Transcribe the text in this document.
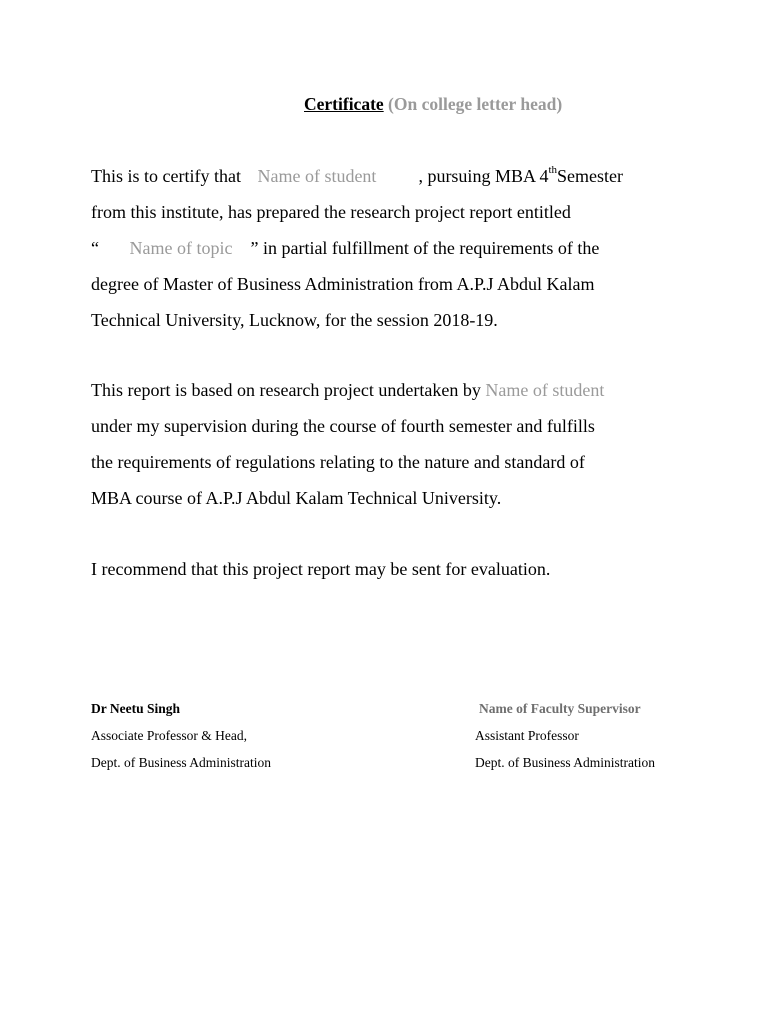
Certificate (On college letter head)
This is to certify that Name of student , pursuing MBA 4thSemester
from this institute, has prepared the research project report entitled
“ Name of topic ” in partial fulfillment of the requirements of the
degree of Master of Business Administration from A.P.J Abdul Kalam
Technical University, Lucknow, for the session 2018-19.
This report is based on research project undertaken by Name of student
under my supervision during the course of fourth semester and fulfills
the requirements of regulations relating to the nature and standard of
MBA course of A.P.J Abdul Kalam Technical University.
I recommend that this project report may be sent for evaluation.
Dr Neetu Singh
Associate Professor & Head,
Dept. of Business Administration
Name of Faculty Supervisor
Assistant Professor
Dept. of Business Administration
